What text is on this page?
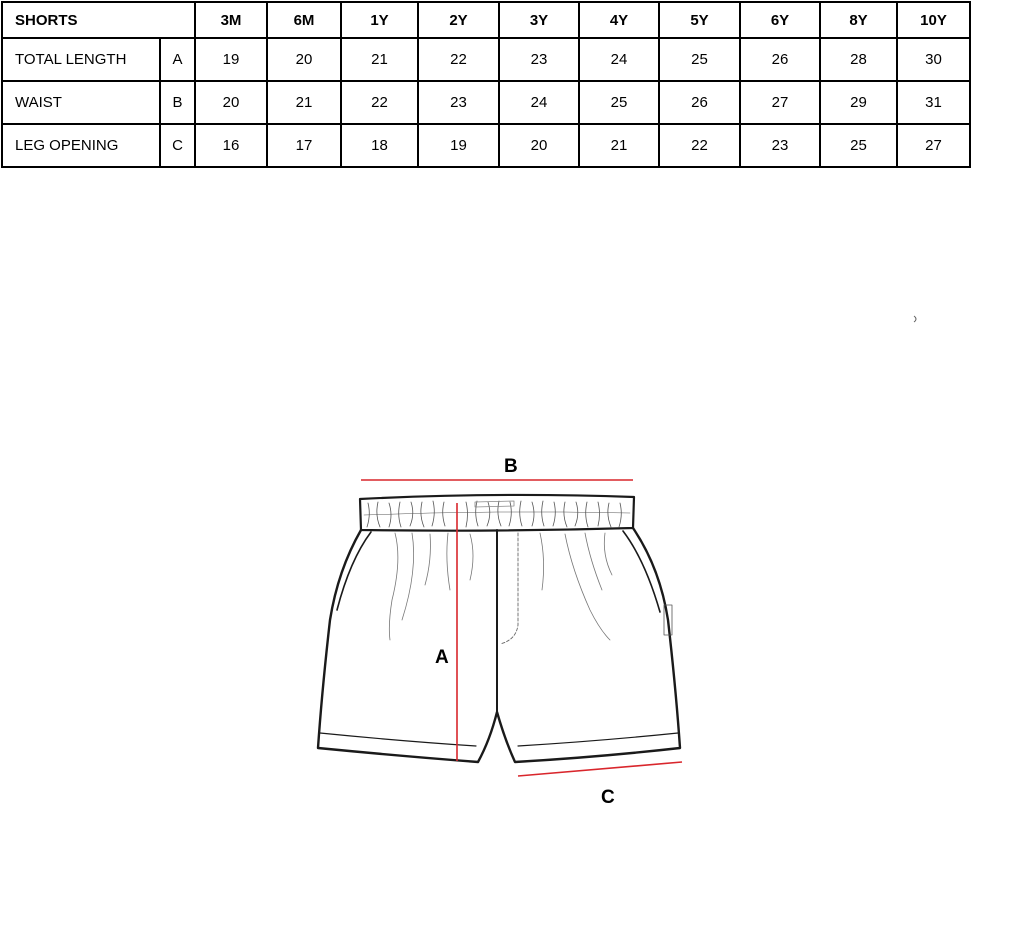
SHORTS		3M	6M	1Y	2Y	3Y	4Y	5Y	6Y	8Y	10Y
TOTAL LENGTH	A	19	20	21	22	23	24	25	26	28	30
WAIST	B	20	21	22	23	24	25	26	27	29	31
LEG OPENING	C	16	17	18	19	20	21	22	23	25	27
B
A
C
